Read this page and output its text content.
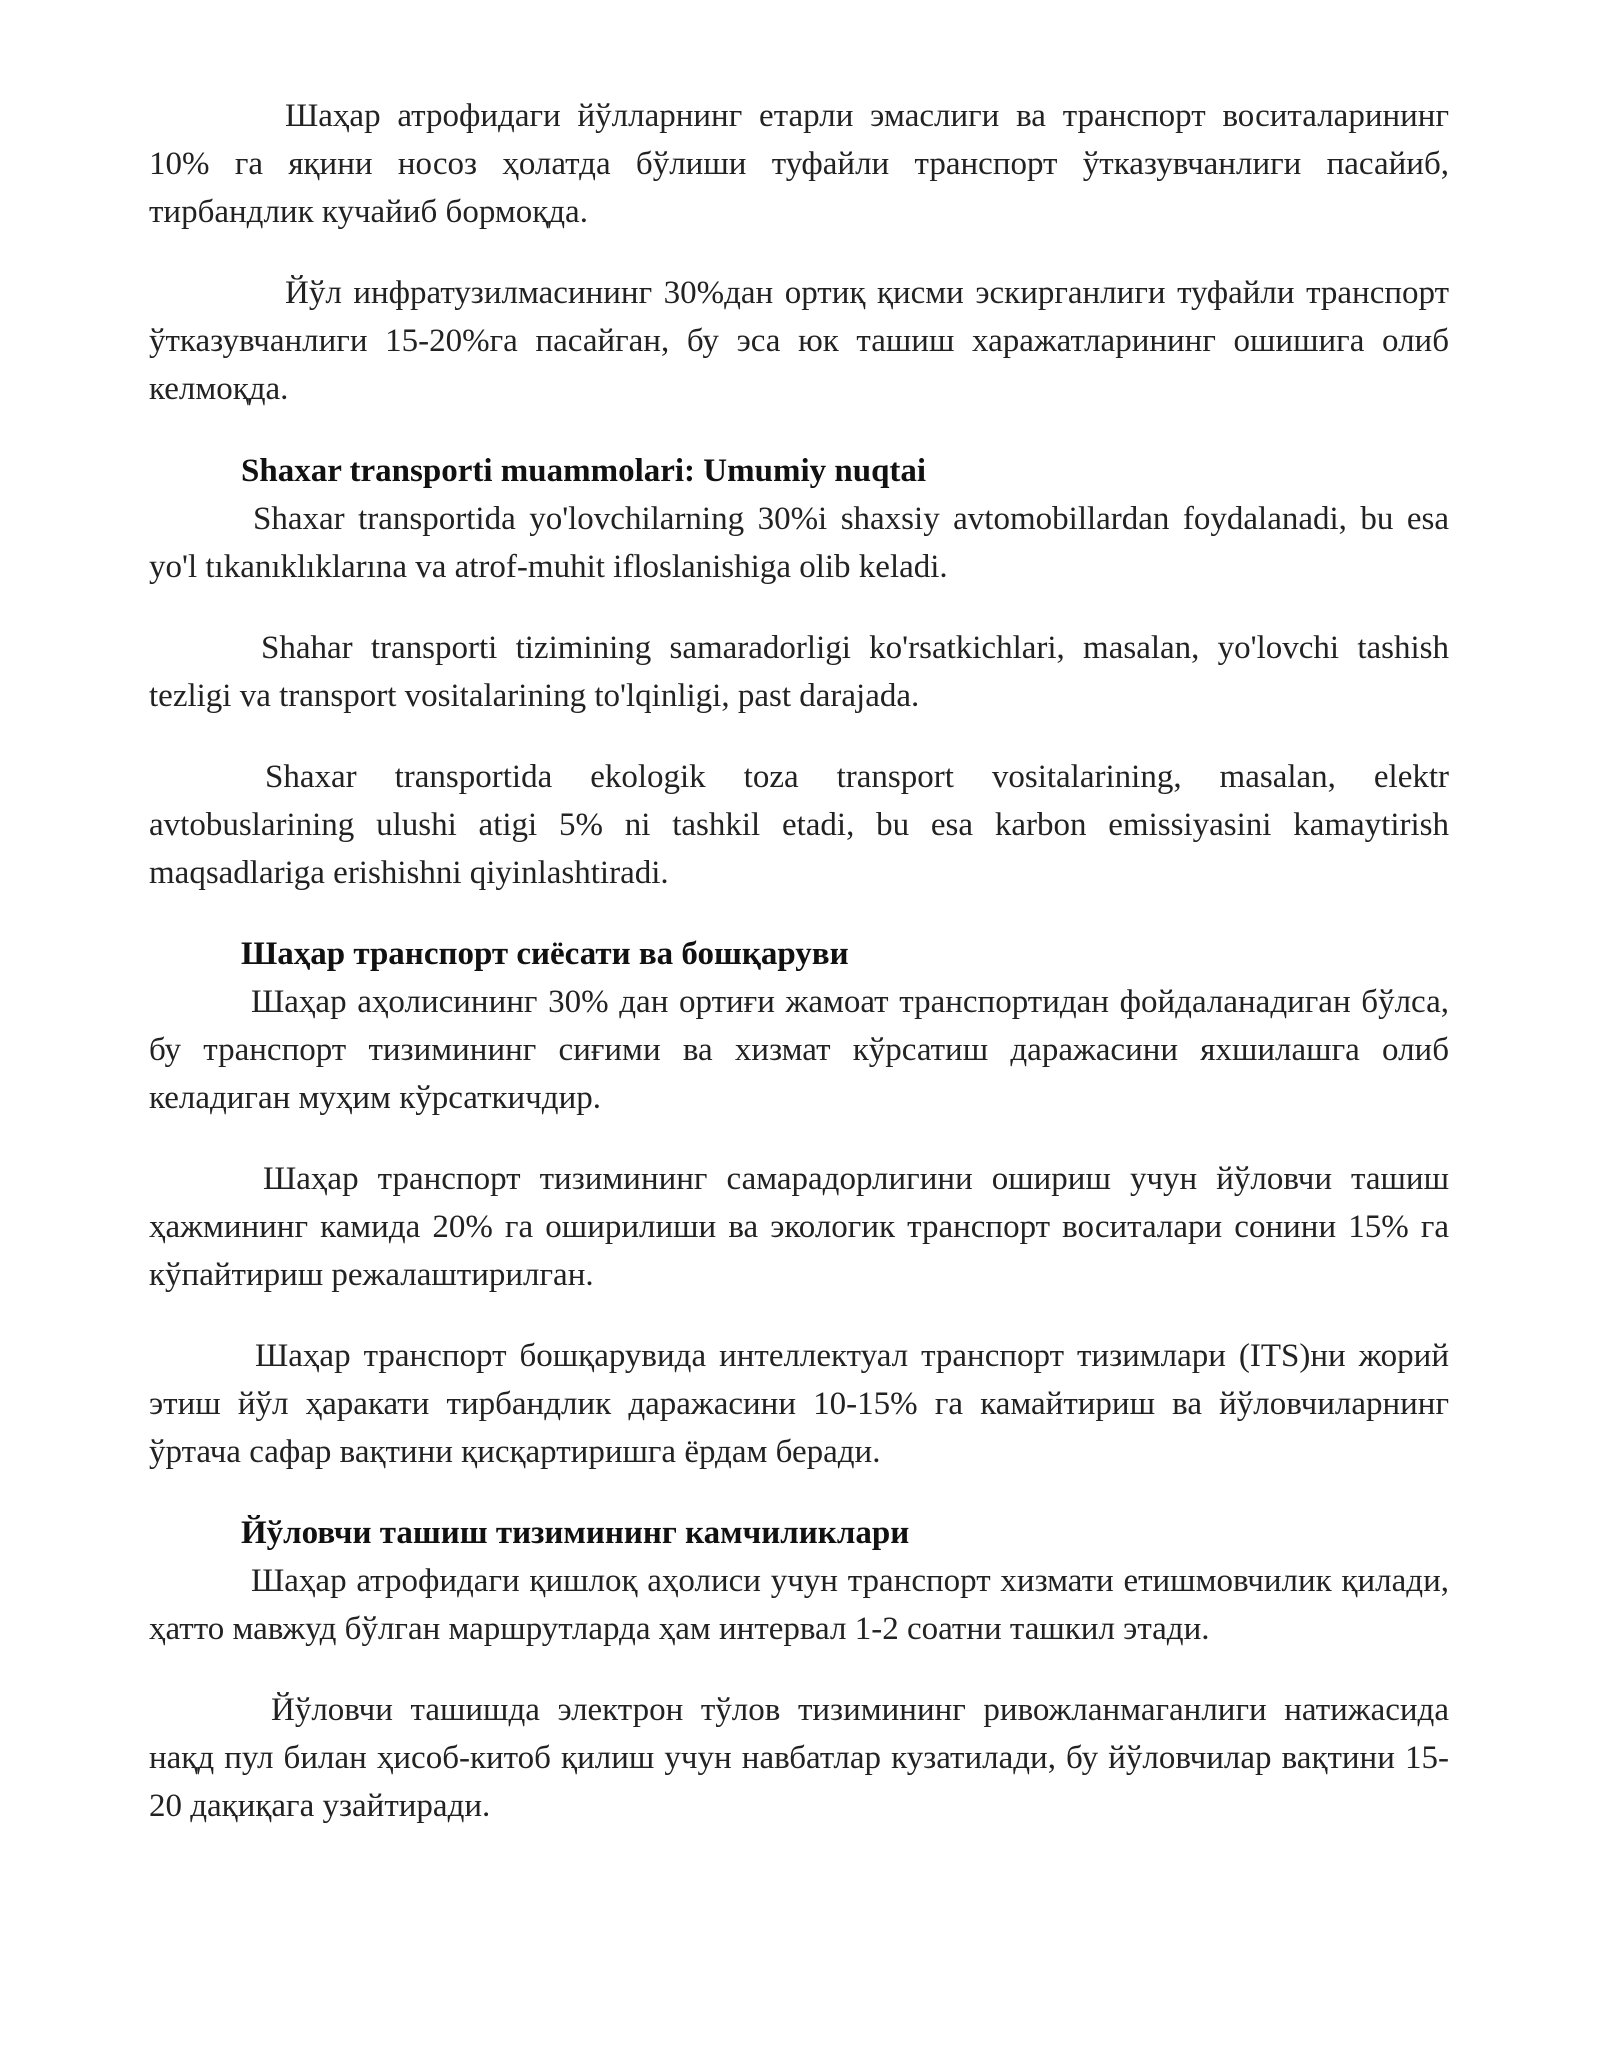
Шаҳар атрофидаги йўлларнинг етарли эмаслиги ва транспорт воситаларининг 10% га яқини носоз ҳолатда бўлиши туфайли транспорт ўтказувчанлиги пасайиб, тирбандлик кучайиб бормоқда.

Йўл инфратузилмасининг 30%дан ортиқ қисми эскирганлиги туфайли транспорт ўтказувчанлиги 15-20%га пасайган, бу эса юк ташиш харажатларининг ошишига олиб келмоқда.

Shaxar transporti muammolari: Umumiy nuqtai

Shaxar transportida yo'lovchilarning 30%i shaxsiy avtomobillardan foydalanadi, bu esa yo'l tıkanıklıklarına va atrof-muhit ifloslanishiga olib keladi.

Shahar transporti tizimining samaradorligi ko'rsatkichlari, masalan, yo'lovchi tashish tezligi va transport vositalarining to'lqinligi, past darajada.

Shaxar transportida ekologik toza transport vositalarining, masalan, elektr avtobuslarining ulushi atigi 5% ni tashkil etadi, bu esa karbon emissiyasini kamaytirish maqsadlariga erishishni qiyinlashtiradi.

Шаҳар транспорт сиёсати ва бошқаруви

Шаҳар аҳолисининг 30% дан ортиғи жамоат транспортидан фойдаланадиган бўлса, бу транспорт тизимининг сиғими ва хизмат кўрсатиш даражасини яхшилашга олиб келадиган муҳим кўрсаткичдир.

Шаҳар транспорт тизимининг самарадорлигини ошириш учун йўловчи ташиш ҳажмининг камида 20% га оширилиши ва экологик транспорт воситалари сонини 15% га кўпайтириш режалаштирилган.

Шаҳар транспорт бошқарувида интеллектуал транспорт тизимлари (ITS)ни жорий этиш йўл ҳаракати тирбандлик даражасини 10-15% га камайтириш ва йўловчиларнинг ўртача сафар вақтини қисқартиришга ёрдам беради.

Йўловчи ташиш тизимининг камчиликлари

Шаҳар атрофидаги қишлоқ аҳолиси учун транспорт хизмати етишмовчилик қилади, ҳатто мавжуд бўлган маршрутларда ҳам интервал 1-2 соатни ташкил этади.

Йўловчи ташишда электрон тўлов тизимининг ривожланмаганлиги натижасида нақд пул билан ҳисоб-китоб қилиш учун навбатлар кузатилади, бу йўловчилар вақтини 15-20 дақиқага узайтиради.
